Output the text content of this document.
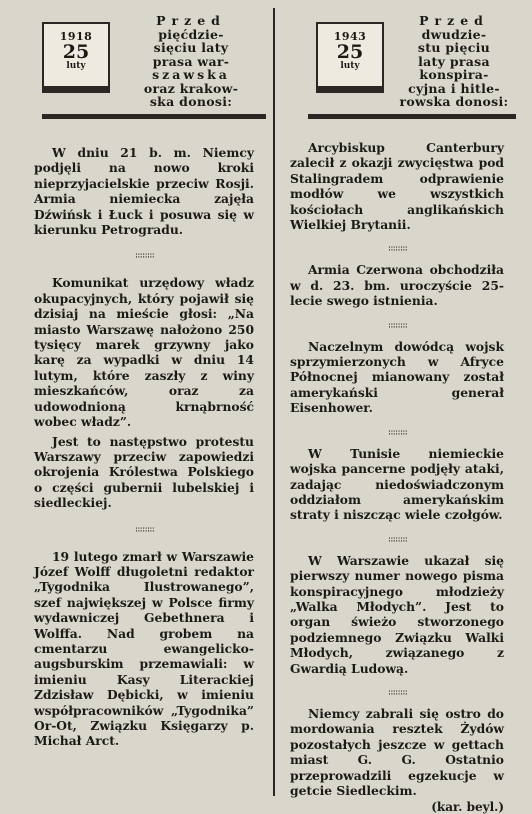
1918
25
luty
Przed
pięćdzie-
sięciu laty
prasa war-
szawska
oraz krakow-
ska donosi:

W dniu 21 b. m. Niemcy podjęli na nowo kroki nieprzyjacielskie przeciw Rosji. Armia niemiecka zajęła Dźwińsk i Łuck i posuwa się w kierunku Petrogradu.

∷∷∷∷

Komunikat urzędowy władz okupacyjnych, który pojawił się dzisiaj na mieście głosi: „Na miasto Warszawę nałożono 250 tysięcy marek grzywny jako karę za wypadki w dniu 14 lutym, które zaszły z winy mieszkańców, oraz za udowodnioną krnąbrność wobec władz”.

Jest to następstwo protestu Warszawy przeciw zapowiedzi okrojenia Królestwa Polskiego o części gubernii lubelskiej i siedleckiej.

∷∷∷∷

19 lutego zmarł w Warszawie Józef Wolff długoletni redaktor „Tygodnika Ilustrowanego”, szef największej w Polsce firmy wydawniczej Gebethnera i Wolffa. Nad grobem na cmentarzu ewangelicko-augsburskim przemawiali: w imieniu Kasy Literackiej Zdzisław Dębicki, w imieniu współpracowników „Tygodnika” Or-Ot, Związku Księgarzy p. Michał Arct.

1943
25
luty
Przed
dwudzie-
stu pięciu
laty prasa
konspira-
cyjna i hitle-
rowska donosi:

Arcybiskup Canterbury zalecił z okazji zwycięstwa pod Stalingradem odprawienie modłów we wszystkich kościołach anglikańskich Wielkiej Brytanii.

∷∷∷∷

Armia Czerwona obchodziła w d. 23. bm. uroczyście 25-lecie swego istnienia.

∷∷∷∷

Naczelnym dowódcą wojsk sprzymierzonych w Afryce Północnej mianowany został amerykański generał Eisenhower.

∷∷∷∷

W Tunisie niemieckie wojska pancerne podjęły ataki, zadając niedoświadczonym oddziałom amerykańskim straty i niszcząc wiele czołgów.

∷∷∷∷

W Warszawie ukazał się pierwszy numer nowego pisma konspiracyjnego młodzieży „Walka Młodych”. Jest to organ świeżo stworzonego podziemnego Związku Walki Młodych, związanego z Gwardią Ludową.

∷∷∷∷

Niemcy zabrali się ostro do mordowania resztek Żydów pozostałych jeszcze w gettach miast G. G. Ostatnio przeprowadzili egzekucje w getcie Siedleckim.

(kar. beyl.)
